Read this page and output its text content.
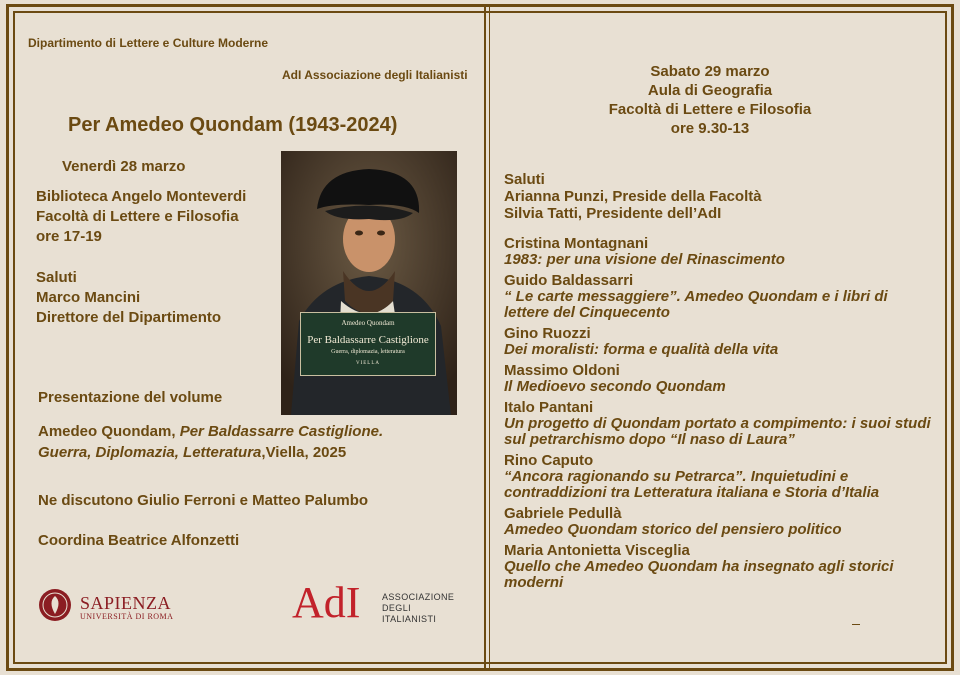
Dipartimento di Lettere e Culture Moderne

AdI Associazione degli Italianisti

Per Amedeo Quondam (1943-2024)

Venerdì 28 marzo

Biblioteca Angelo Monteverdi
Facoltà di Lettere e Filosofia
ore 17-19
Saluti
Marco Mancini
Direttore del Dipartimento

Presentazione del volume

Amedeo Quondam, Per Baldassarre Castiglione.
Guerra, Diplomazia, Letteratura,Viella, 2025

Ne discutono Giulio Ferroni e Matteo Palumbo

Coordina Beatrice Alfonzetti

Amedeo Quondam
Per Baldassarre Castiglione
Guerra, diplomazia, letteratura
VIELLA
SAPIENZA
UNIVERSITÀ DI ROMA	AdI ASSOCIAZIONE
DEGLI
ITALIANISTI
Sabato 29 marzo
Aula di Geografia
Facoltà di Lettere e Filosofia
ore 9.30-13
Saluti
Arianna Punzi, Preside della Facoltà
Silvia Tatti, Presidente dell’AdI
Cristina Montagnani
1983: per una visione del Rinascimento
Guido Baldassarri
“ Le carte messaggiere”. Amedeo Quondam e i libri di lettere del Cinquecento
Gino Ruozzi
Dei moralisti: forma e qualità della vita
Massimo Oldoni
Il Medioevo secondo Quondam
Italo Pantani
Un progetto di Quondam portato a compimento: i suoi studi sul petrarchismo dopo “Il naso di Laura”
Rino Caputo
“Ancora ragionando su Petrarca”. Inquietudini e contraddizioni tra Letteratura italiana e Storia d’Italia
Gabriele Pedullà
Amedeo Quondam storico del pensiero politico
Maria Antonietta Visceglia
Quello che Amedeo Quondam ha insegnato agli storici moderni
